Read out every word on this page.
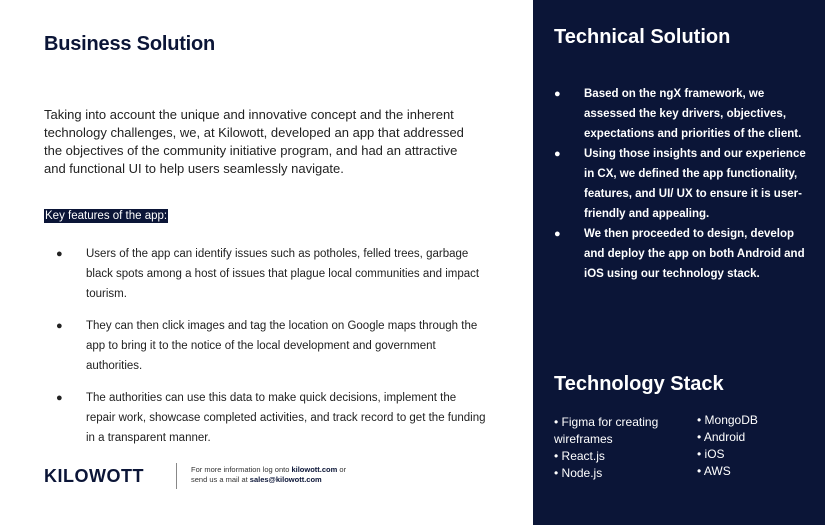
Business Solution

Taking into account the unique and innovative concept and the inherent technology challenges, we, at Kilowott, developed an app that addressed the objectives of the community initiative program, and had an attractive and functional UI to help users seamlessly navigate.

Key features of the app:

● Users of the app can identify issues such as potholes, felled trees, garbage black spots among a host of issues that plague local communities and impact tourism.
● They can then click images and tag the location on Google maps through the app to bring it to the notice of the local development and government authorities.
● The authorities can use this data to make quick decisions, implement the repair work, showcase completed activities, and track record to get the funding in a transparent manner.
KILOWOTT	For more information log onto kilowott.com or
send us a mail at sales@kilowott.com
Technical Solution
● Based on the ngX framework, we assessed the key drivers, objectives, expectations and priorities of the client.
● Using those insights and our experience in CX, we defined the app functionality, features, and UI/ UX to ensure it is user-friendly and appealing.
● We then proceeded to design, develop and deploy the app on both Android and iOS using our technology stack.
Technology Stack
• Figma for creating wireframes
• React.js
• Node.js
• MongoDB
• Android
• iOS
• AWS
